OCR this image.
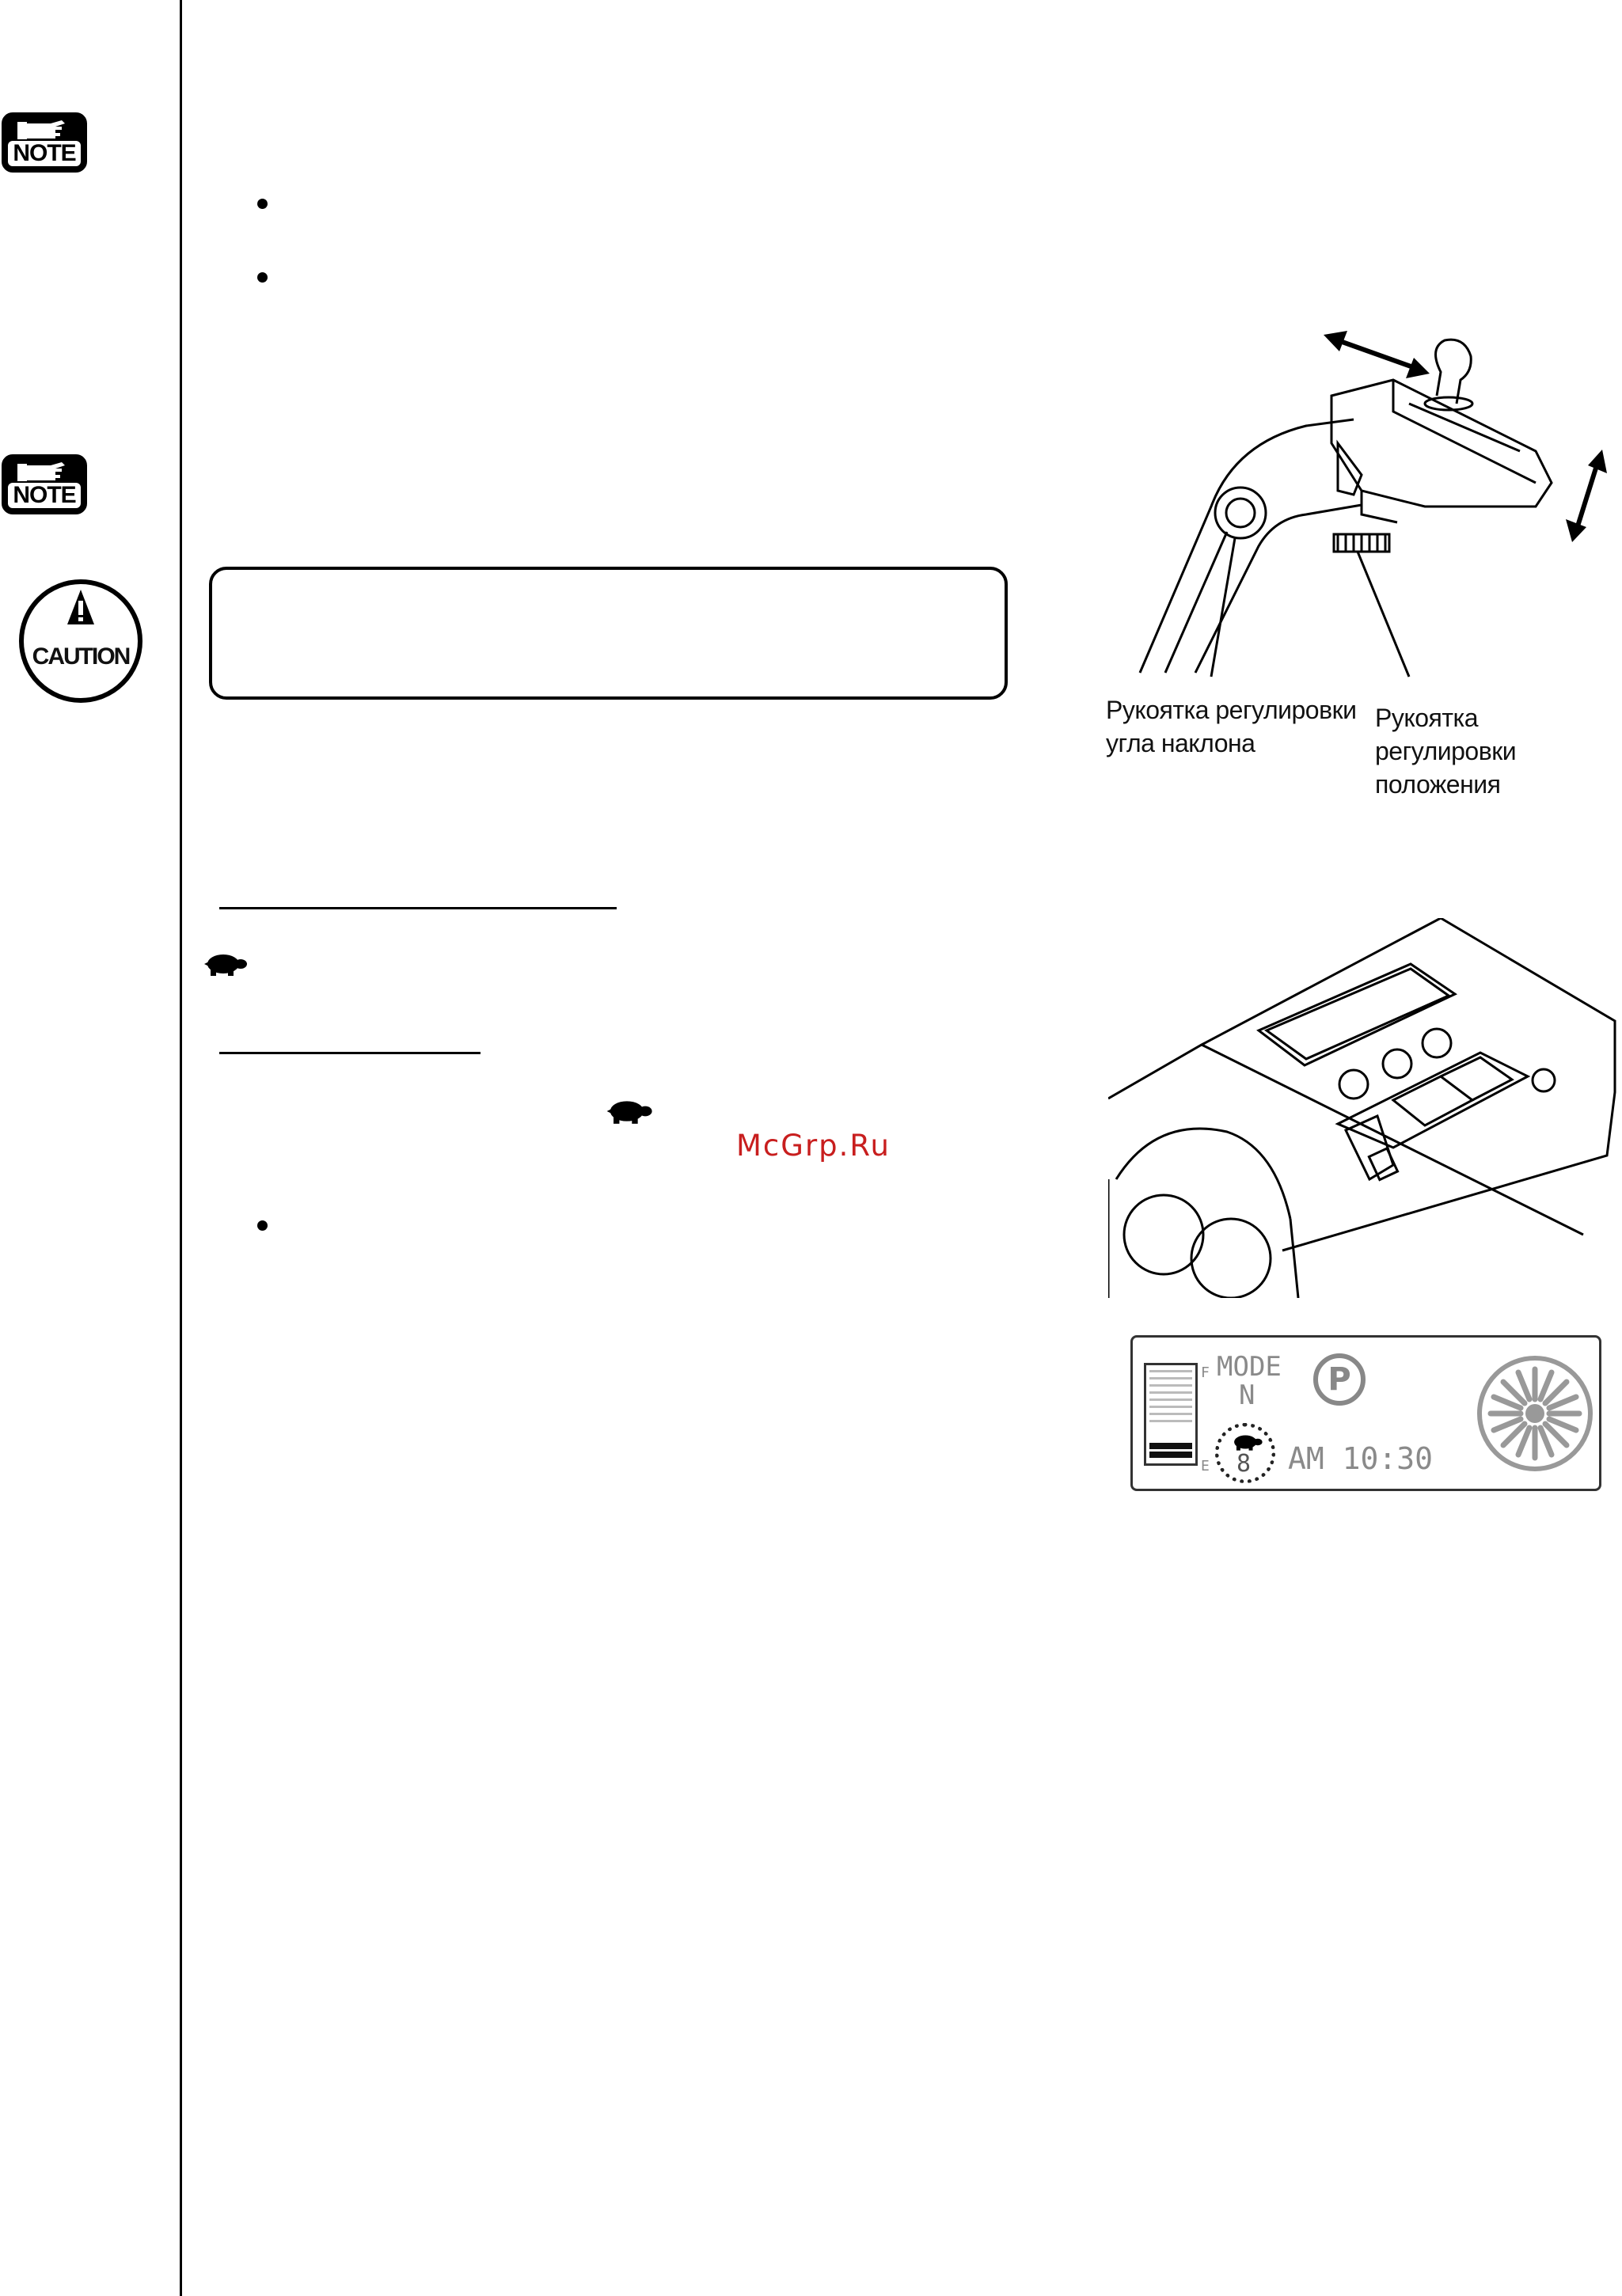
NOTE
NOTE
CAUTION
McGrp.Ru
Рукоятка регулировки
угла наклона
Рукоятка регулировки
положения
F
E
MODE
N	P
8 AM 10:30
